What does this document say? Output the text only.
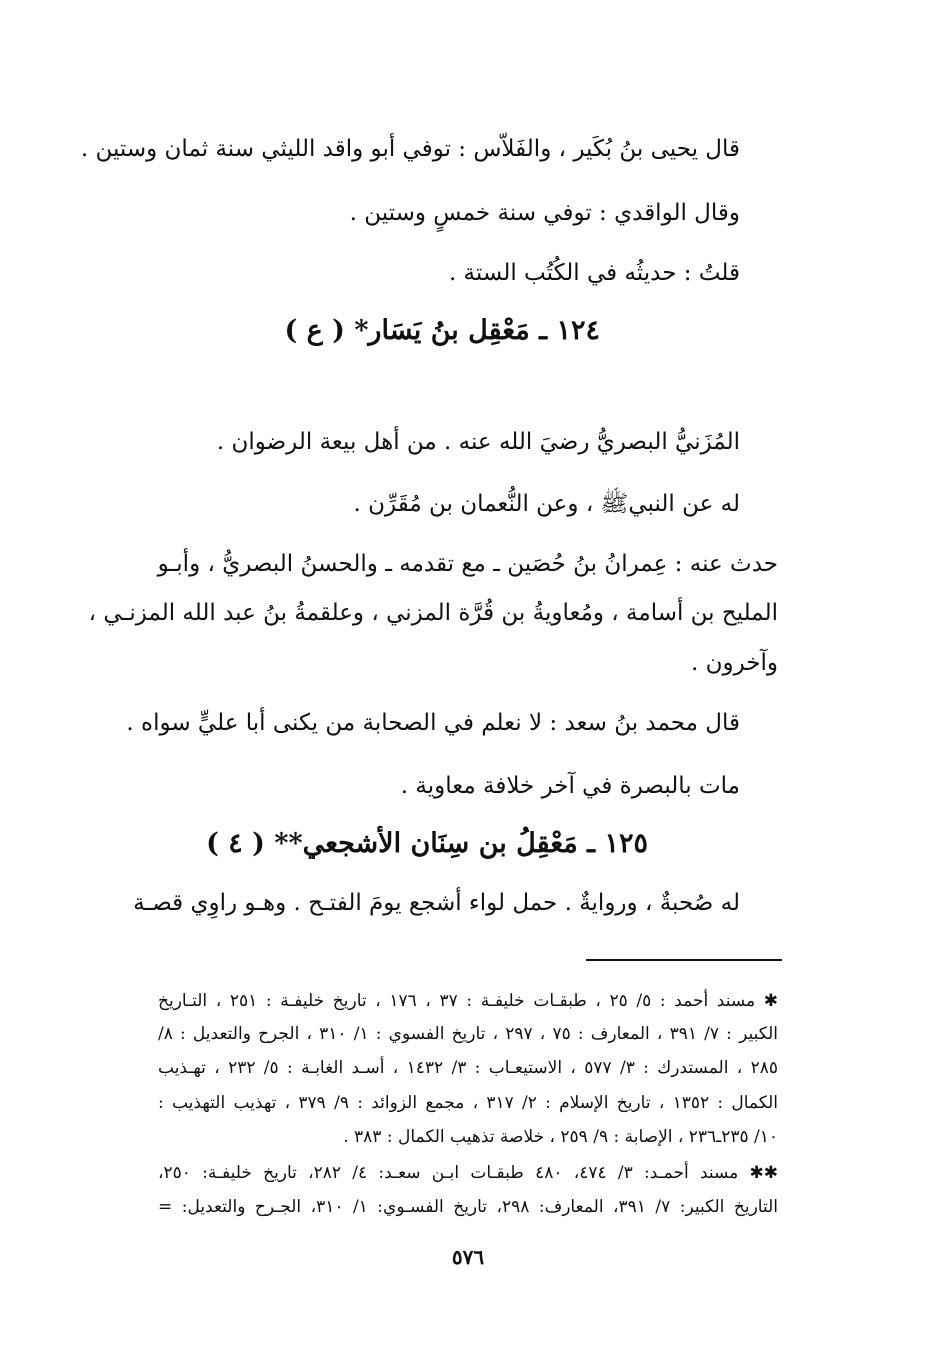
قال يحيى بنُ بُكَير ، والفَلاّس : توفي أبو واقد الليثي سنة ثمان وستين .
وقال الواقدي : توفي سنة خمسٍ وستين .
قلتُ : حديثُه في الكُتُب الستة .
١٢٤ ـ مَعْقِل بنُ يَسَار* ( ع )
المُزَنيُّ البصريُّ رضيَ الله عنه . من أهل بيعة الرضوان .
له عن النبيﷺ ، وعن النُّعمان بن مُقَرِّن .
حدث عنه : عِمرانُ بنُ حُصَين ـ مع تقدمه ـ والحسنُ البصريُّ ، وأبـو
المليح بن أسامة ، ومُعاويةُ بن قُرَّة المزني ، وعلقمةُ بنُ عبد الله المزنـي ،
وآخرون .
قال محمد بنُ سعد : لا نعلم في الصحابة من يكنى أبا عليٍّ سواه .
مات بالبصرة في آخر خلافة معاوية .
١٢٥ ـ مَعْقِلُ بن سِنَان الأشجعي** ( ٤ )
له صُحبةٌ ، وروايةٌ . حمل لواء أشجع يومَ الفتـح . وهـو راوِي قصـة
✱ مسند أحمد : ٥/ ٢٥ ، طبقـات خليفـة : ٣٧ ، ١٧٦ ، تاريخ خليفـة : ٢٥١ ، التـاريخ
الكبير : ٧/ ٣٩١ ، المعارف : ٧٥ ، ٢٩٧ ، تاريخ الفسوي : ١/ ٣١٠ ، الجرح والتعديل : ٨/
٢٨٥ ، المستدرك : ٣/ ٥٧٧ ، الاستيعـاب : ٣/ ١٤٣٢ ، أسـد الغابـة : ٥/ ٢٣٢ ، تهـذيب
الكمال : ١٣٥٢ ، تاريخ الإسلام : ٢/ ٣١٧ ، مجمع الزوائد : ٩/ ٣٧٩ ، تهذيب التهذيب :
١٠/ ٢٣٥ـ٢٣٦ ، الإصابة : ٩/ ٢٥٩ ، خلاصة تذهيب الكمال : ٣٨٣ .
✱✱ مسند أحمـد: ٣/ ٤٧٤، ٤٨٠ طبقـات ابـن سعـد: ٤/ ٢٨٢، تاريخ خليفـة: ٢٥٠،
التاريخ الكبير: ٧/ ٣٩١، المعارف: ٢٩٨، تاريخ الفسـوي: ١/ ٣١٠، الجـرح والتعديل: =
٥٧٦
